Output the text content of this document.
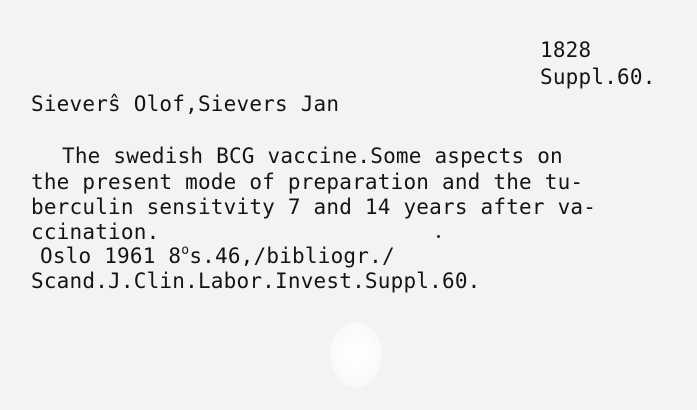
1828
Suppl.60.
Sieverŝ Olof,Sievers Jan
The swedish BCG vaccine.Some aspects on
the present mode of preparation and the tu-
berculin sensitvity 7 and 14 years after va-
ccination.
Oslo 1961 8$^o$s.46,/bibliogr./
Scand.J.Clin.Labor.Invest.Suppl.60.
